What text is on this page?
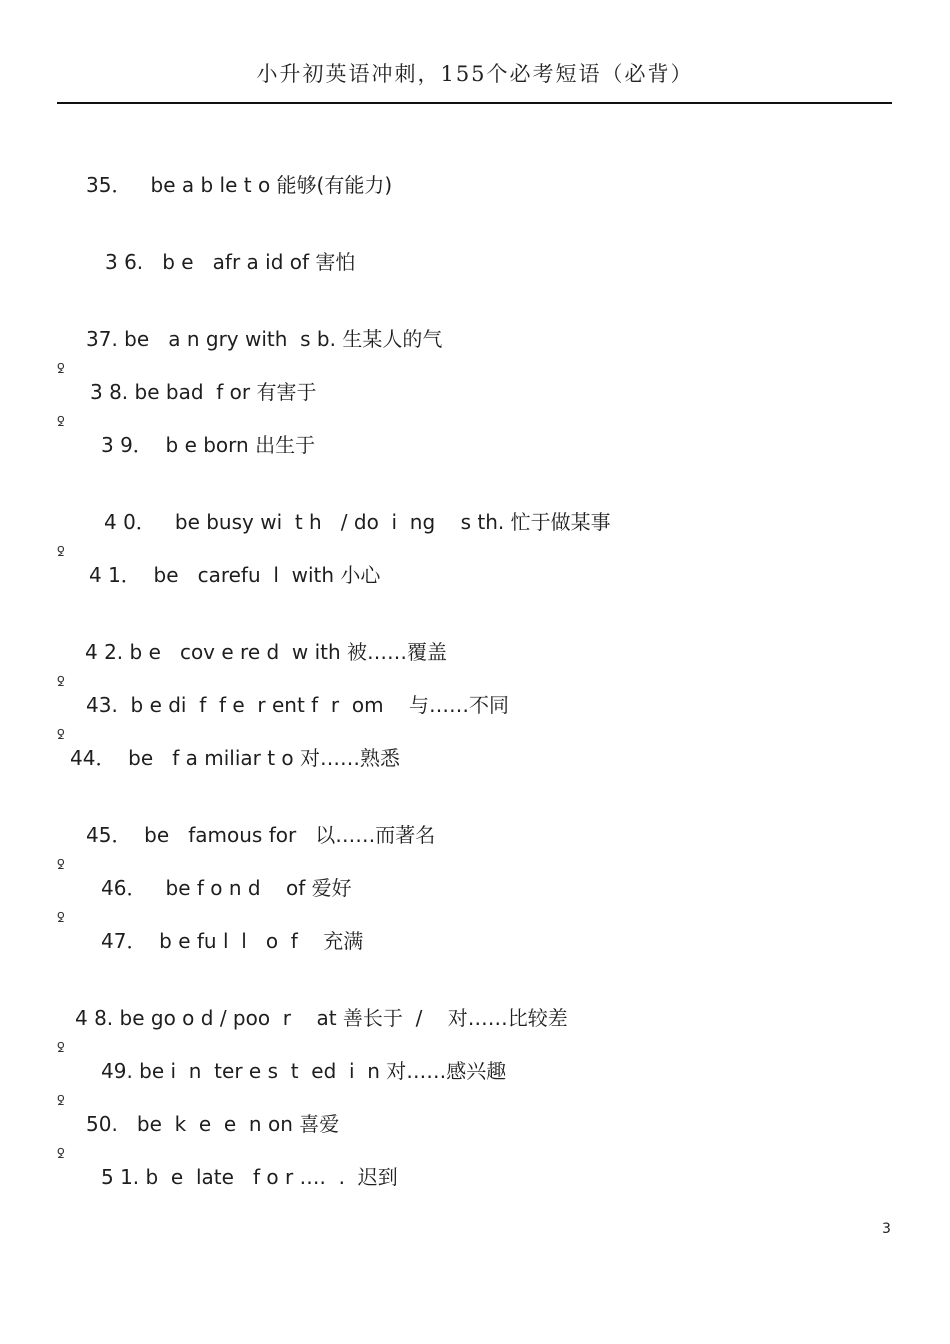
小升初英语冲刺，155个必考短语（必背）
35．   be a b le t o 能够(有能力)
3 6.   b e   afr a id of 害怕
37. be   a n gry with  s b. 生某人的气
ꝿ
3 8. be bad  f or 有害于
ꝿ
3 9．  b e born 出生于
4 0．   be busy wi  t h   / do  i  ng    s th. 忙于做某事
ꝿ
4 1．  be   carefu  l  with 小心
4 2. b e   cov e re d  w ith 被……覆盖
ꝿ
43.  b e di  f  f e  r ent f  r  om    与……不同
ꝿ
44．  be   f a miliar t o 对……熟悉
45．  be   famous for   以……而著名
ꝿ
46．   be f o n d    of 爱好
ꝿ
47．  b e fu l  l   o  f    充满
4 8. be go o d / poo  r    at 善长于  /    对……比较差
ꝿ
49. be i  n  ter e s  t  ed  i  n 对……感兴趣
ꝿ
50.   be  k  e  e  n on 喜爱
ꝿ
5 1. b  e  late   f o r ….  .  迟到
3
